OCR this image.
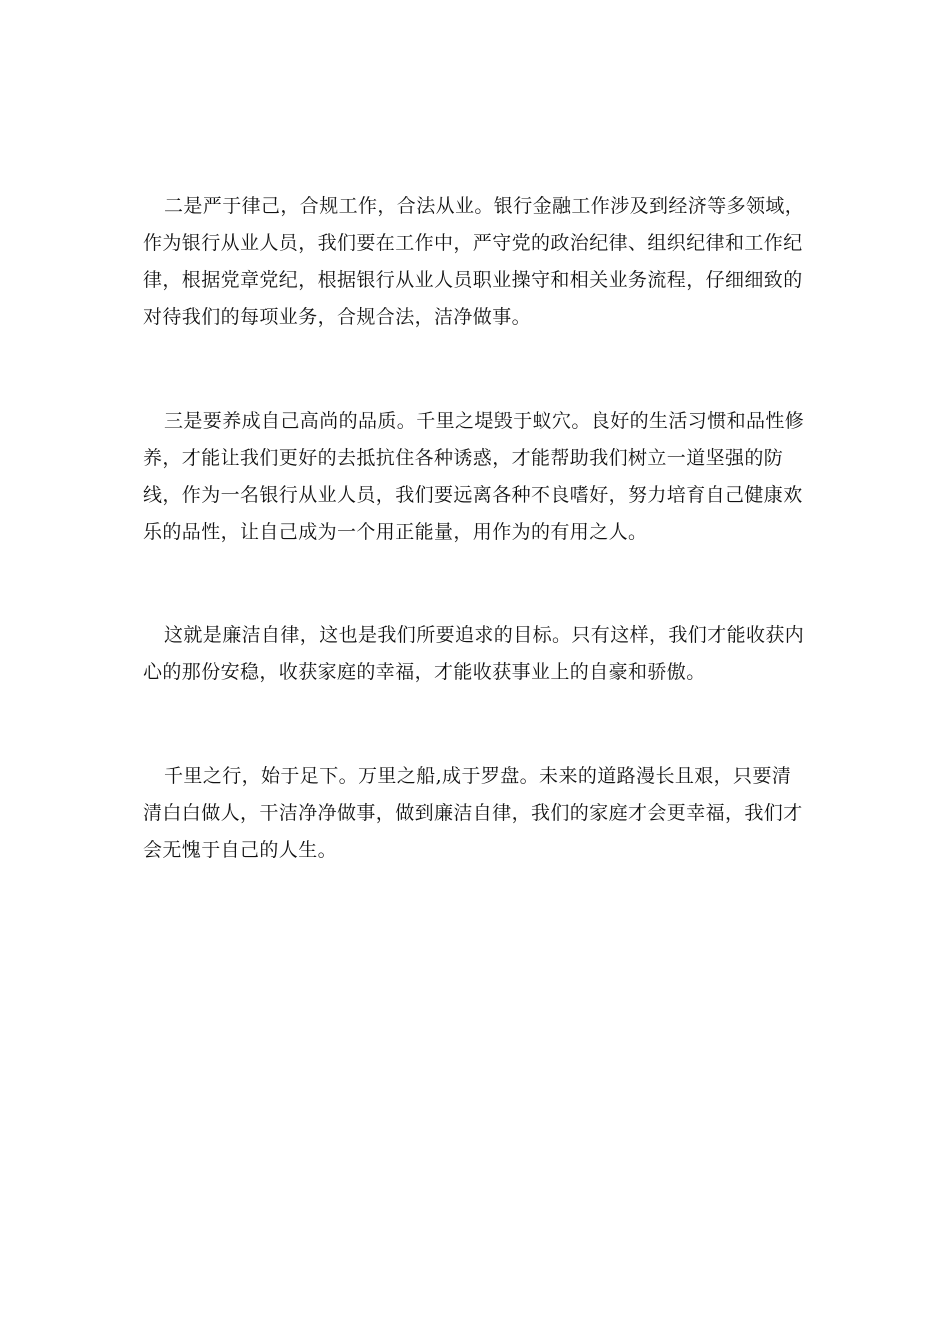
二是严于律己，合规工作，合法从业。银行金融工作涉及到经济等多领域，作为银行从业人员，我们要在工作中，严守党的政治纪律、组织纪律和工作纪律，根据党章党纪，根据银行从业人员职业操守和相关业务流程，仔细细致的对待我们的每项业务，合规合法，洁净做事。

三是要养成自己高尚的品质。千里之堤毁于蚁穴。良好的生活习惯和品性修养，才能让我们更好的去抵抗住各种诱惑，才能帮助我们树立一道坚强的防线，作为一名银行从业人员，我们要远离各种不良嗜好，努力培育自己健康欢乐的品性，让自己成为一个用正能量，用作为的有用之人。

这就是廉洁自律，这也是我们所要追求的目标。只有这样，我们才能收获内心的那份安稳，收获家庭的幸福，才能收获事业上的自豪和骄傲。

千里之行，始于足下。万里之船,成于罗盘。未来的道路漫长且艰，只要清清白白做人，干洁净净做事，做到廉洁自律，我们的家庭才会更幸福，我们才会无愧于自己的人生。
